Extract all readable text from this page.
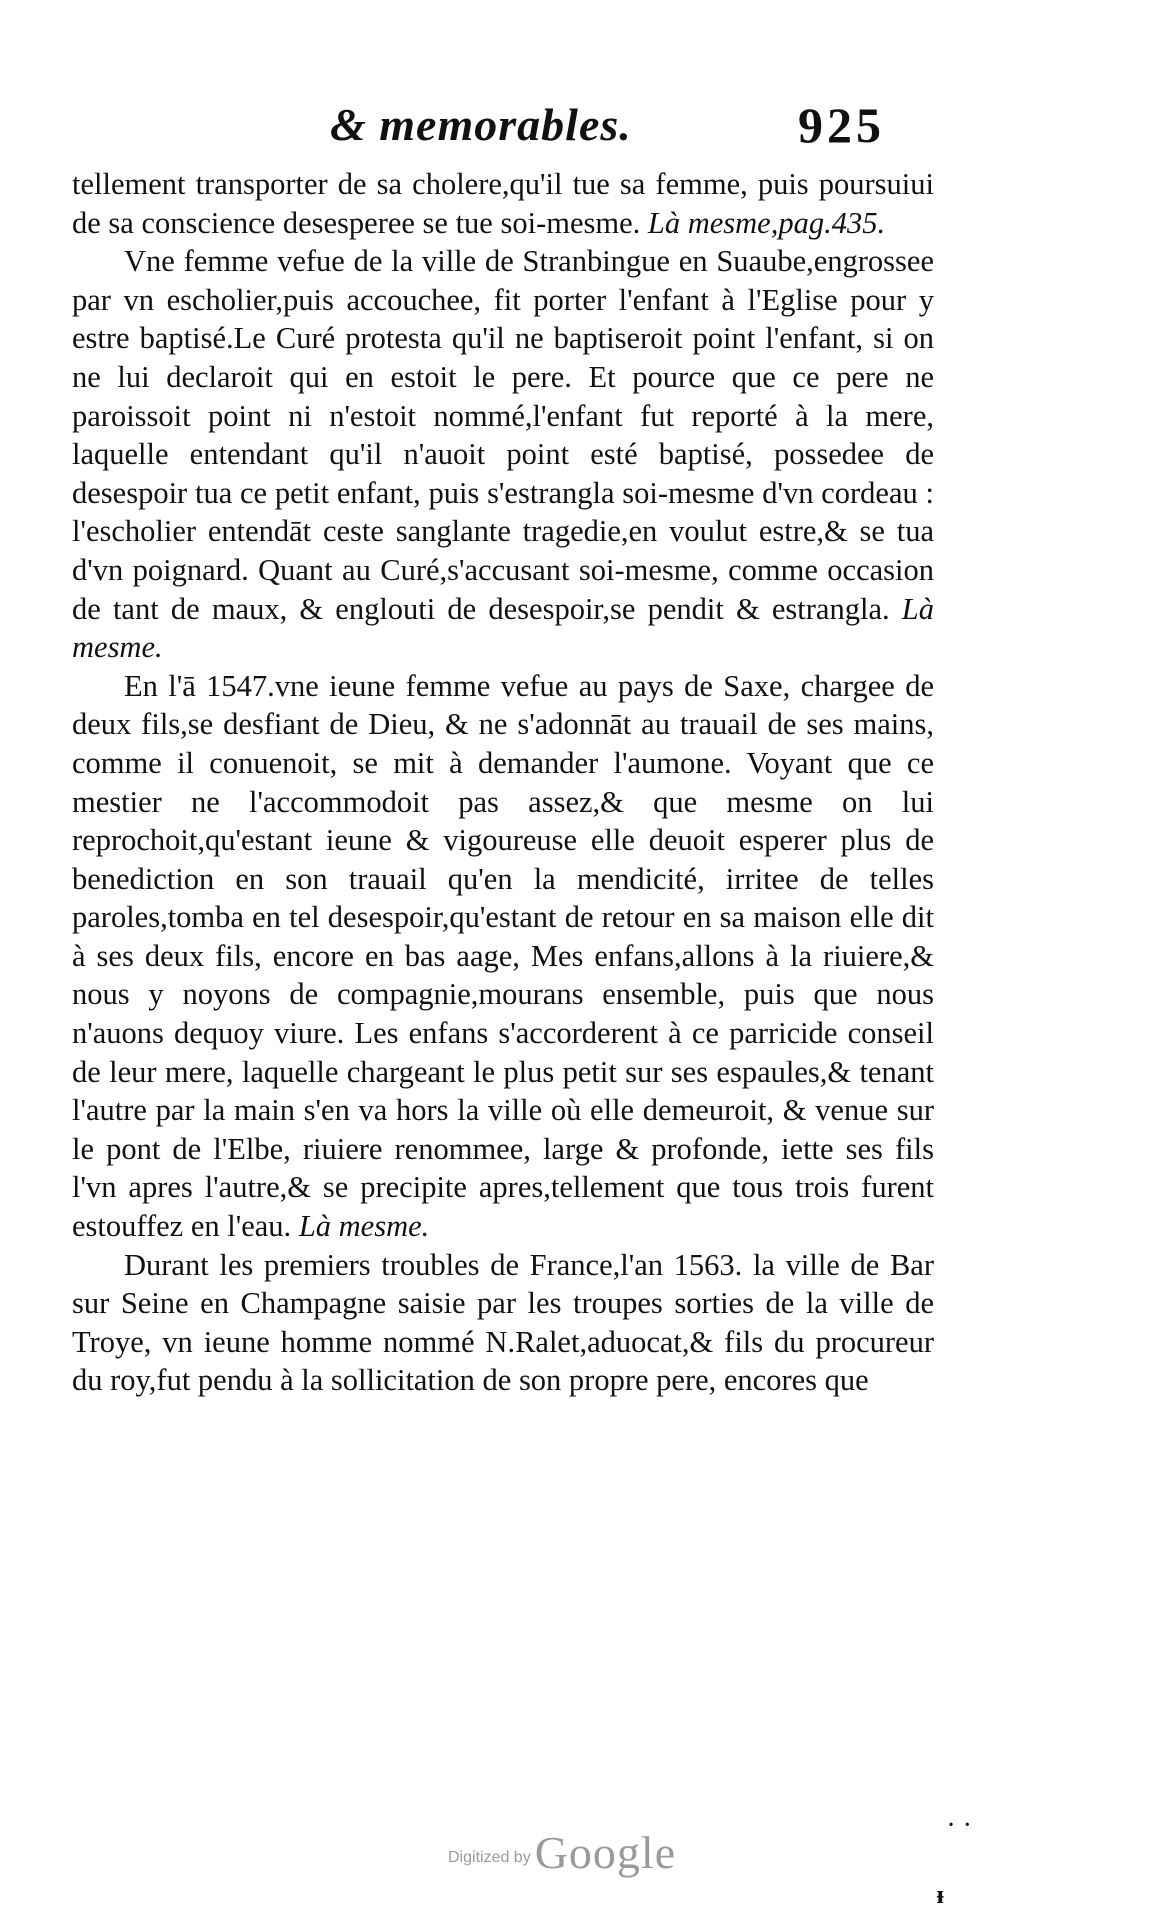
& memorables.	925

tellement transporter de sa cholere,qu'il tue sa femme, puis poursuiui de sa conscience desesperee se tue soi-mesme. Là mesme,pag.435.

Vne femme vefue de la ville de Stranbingue en Suaube,engrossee par vn escholier,puis accouchee, fit porter l'enfant à l'Eglise pour y estre baptisé.Le Curé protesta qu'il ne baptiseroit point l'enfant, si on ne lui declaroit qui en estoit le pere. Et pource que ce pere ne paroissoit point ni n'estoit nommé,l'enfant fut reporté à la mere, laquelle entendant qu'il n'auoit point esté baptisé, possedee de desespoir tua ce petit enfant, puis s'estrangla soi-mesme d'vn cordeau : l'escholier entendāt ceste sanglante tragedie,en voulut estre,& se tua d'vn poignard. Quant au Curé,s'accusant soi-mesme, comme occasion de tant de maux, & englouti de desespoir,se pendit & estrangla. Là mesme.

En l'ā 1547.vne ieune femme vefue au pays de Saxe, chargee de deux fils,se desfiant de Dieu, & ne s'adonnāt au trauail de ses mains, comme il conuenoit, se mit à demander l'aumone. Voyant que ce mestier ne l'accommodoit pas assez,& que mesme on lui reprochoit,qu'estant ieune & vigoureuse elle deuoit esperer plus de benediction en son trauail qu'en la mendicité, irritee de telles paroles,tomba en tel desespoir,qu'estant de retour en sa maison elle dit à ses deux fils, encore en bas aage, Mes enfans,allons à la riuiere,& nous y noyons de compagnie,mourans ensemble, puis que nous n'auons dequoy viure. Les enfans s'accorderent à ce parricide conseil de leur mere, laquelle chargeant le plus petit sur ses espaules,& tenant l'autre par la main s'en va hors la ville où elle demeuroit, & venue sur le pont de l'Elbe, riuiere renommee, large & profonde, iette ses fils l'vn apres l'autre,& se precipite apres,tellement que tous trois furent estouffez en l'eau. Là mesme.

Durant les premiers troubles de France,l'an 1563. la ville de Bar sur Seine en Champagne saisie par les troupes sorties de la ville de Troye, vn ieune homme nommé N.Ralet,aduocat,& fils du procureur du roy,fut pendu à la sollicitation de son propre pere, encores que

· ·
Digitized by Google
ᵻ
